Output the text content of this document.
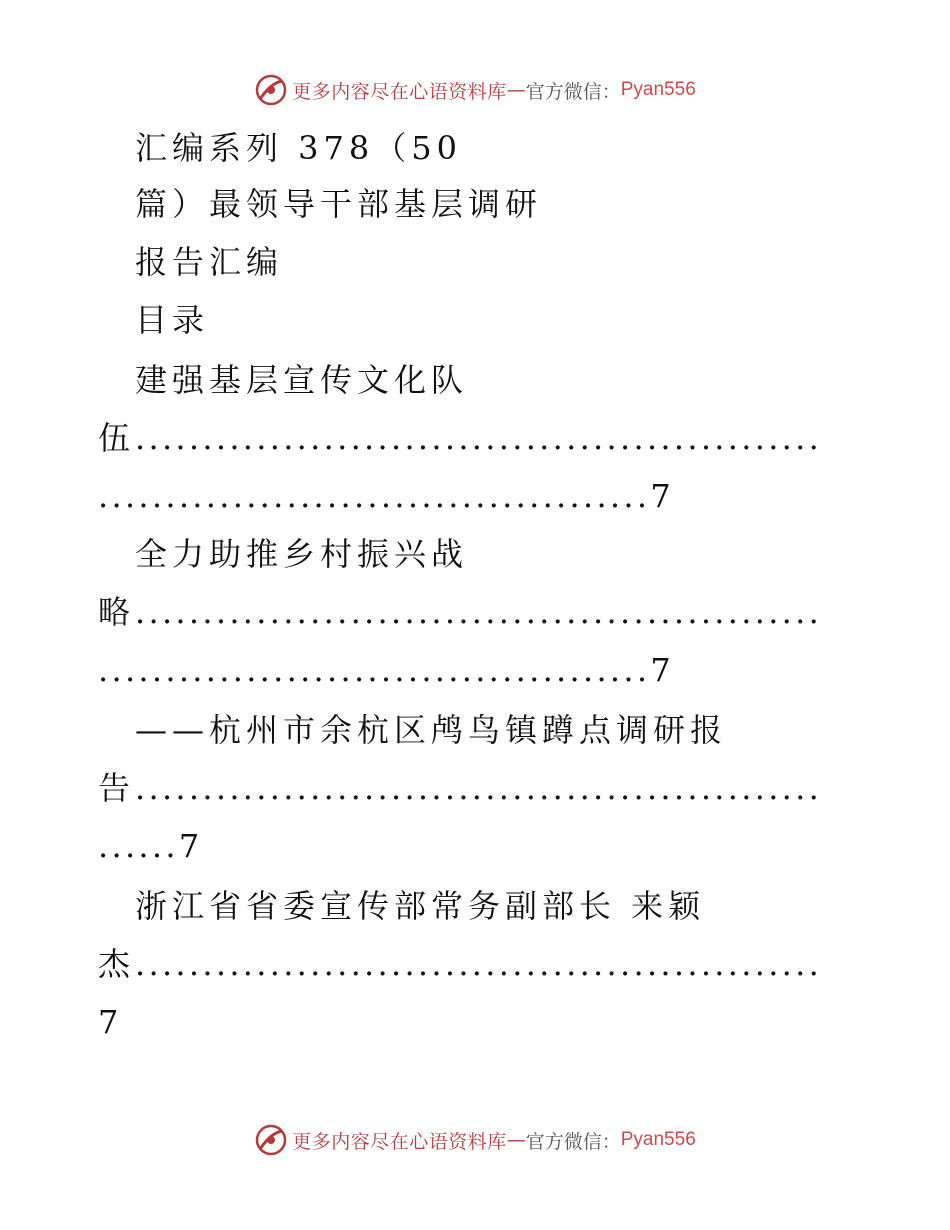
更多内容尽在心语资料库 — 官方微信： Pyan556
汇编系列 378（50
篇）最领导干部基层调研
报告汇编
目录
建强基层宣传文化队
伍...................................................
.........................................7
全力助推乡村振兴战
略...................................................
.........................................7
——杭州市余杭区鸬鸟镇蹲点调研报
告...................................................
......7
浙江省省委宣传部常务副部长 来颖
杰...................................................
7
更多内容尽在心语资料库 — 官方微信： Pyan556
